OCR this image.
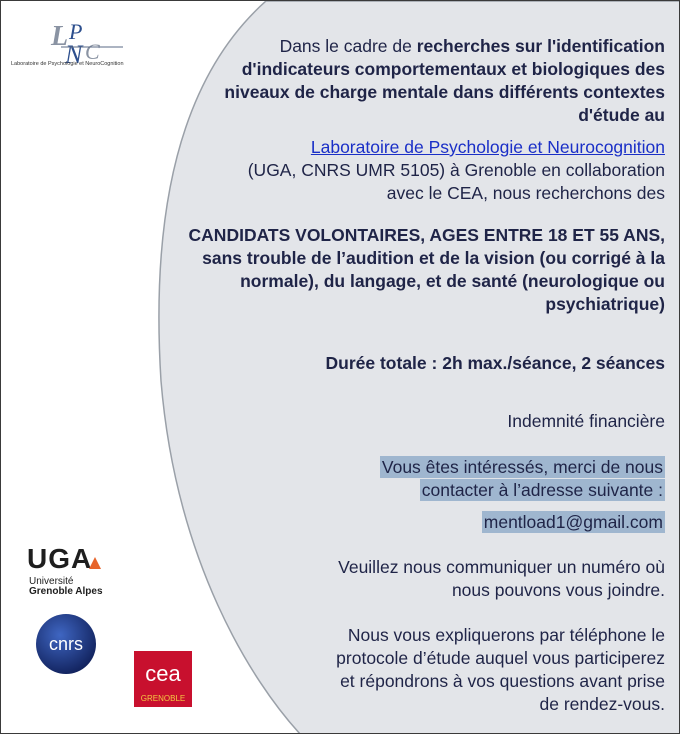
L P
N C
Laboratoire de Psychologie et NeuroCognition
UGA
Université
Grenoble Alpes
cnrs
cea
GRENOBLE
Dans le cadre de recherches sur l'identification
d'indicateurs comportementaux et biologiques des
niveaux de charge mentale dans différents contextes
d'étude au
Laboratoire de Psychologie et Neurocognition
(UGA, CNRS UMR 5105) à Grenoble en collaboration
avec le CEA, nous recherchons des
CANDIDATS VOLONTAIRES, AGES ENTRE 18 ET 55 ANS,
sans trouble de l’audition et de la vision (ou corrigé à la
normale), du langage, et de santé (neurologique ou
psychiatrique)
Durée totale : 2h max./séance, 2 séances
Indemnité financière
Vous êtes intéressés, merci de nous
contacter à l’adresse suivante :
mentload1@gmail.com
Veuillez nous communiquer un numéro où
nous pouvons vous joindre.
Nous vous expliquerons par téléphone le
protocole d’étude auquel vous participerez
et répondrons à vos questions avant prise
de rendez-vous.
